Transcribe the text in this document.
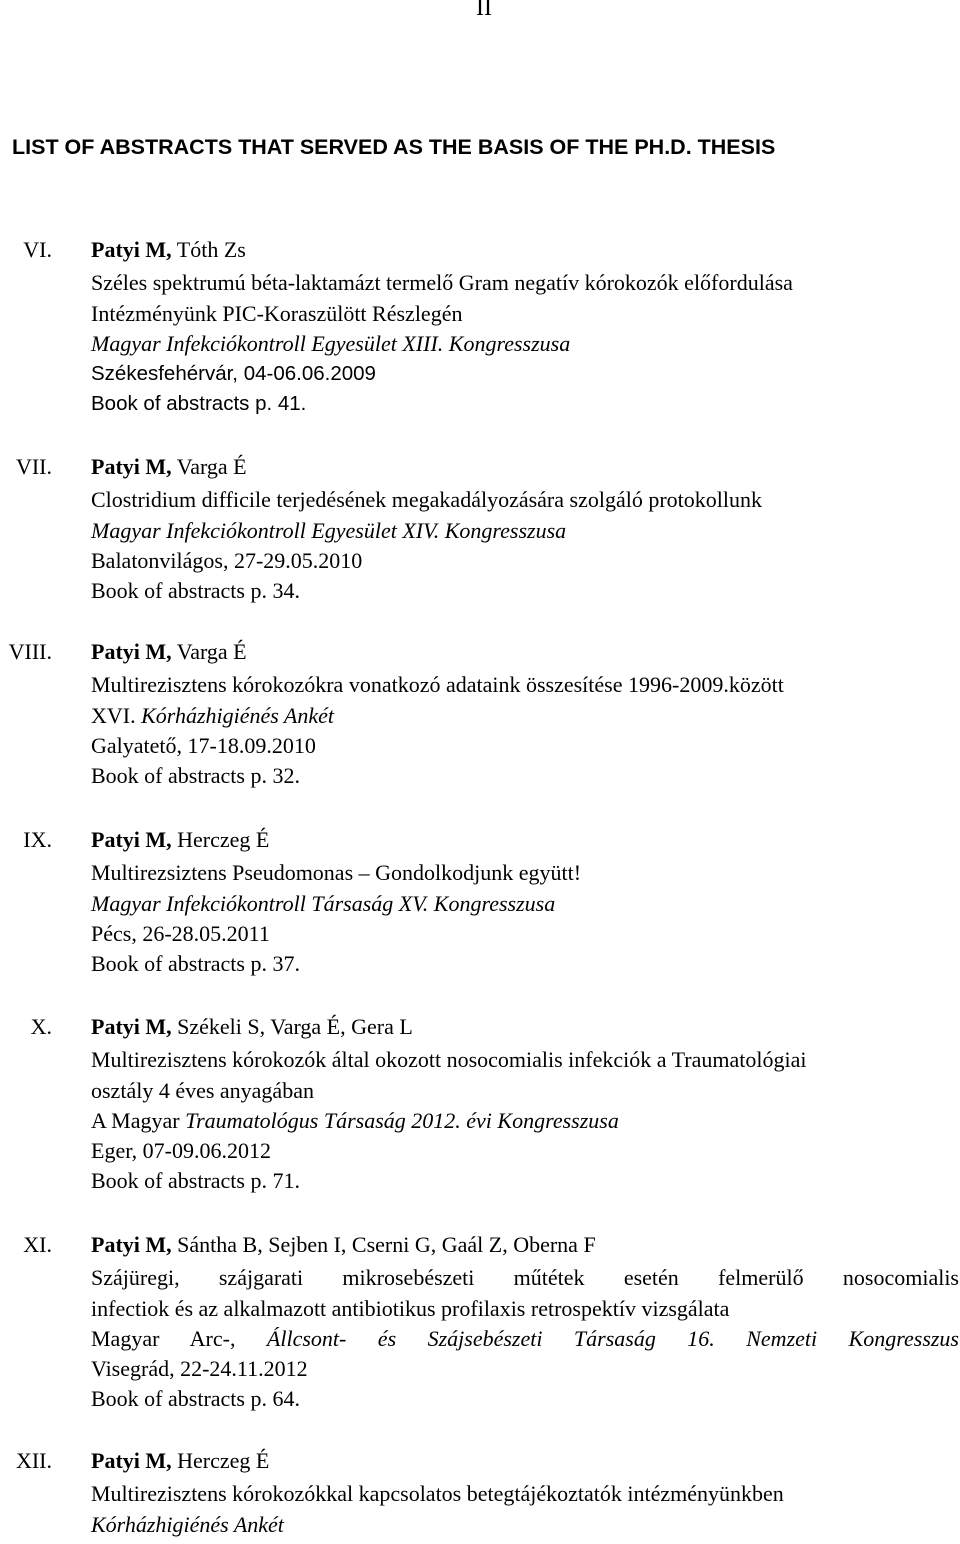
II
LIST OF ABSTRACTS THAT SERVED AS THE BASIS OF THE PH.D. THESIS
VI. Patyi M, Tóth Zs
Széles spektrumú béta-laktamázt termelő Gram negatív kórokozók előfordulása
Intézményünk PIC-Koraszülött Részlegén
Magyar Infekciókontroll Egyesület XIII. Kongresszusa
Székesfehérvár, 04-06.06.2009
Book of abstracts p. 41.
VII. Patyi M, Varga É
Clostridium difficile terjedésének megakadályozására szolgáló protokollunk
Magyar Infekciókontroll Egyesület XIV. Kongresszusa
Balatonvilágos, 27-29.05.2010
Book of abstracts p. 34.
VIII. Patyi M, Varga É
Multirezisztens kórokozókra vonatkozó adataink összesítése 1996-2009.között
XVI. Kórházhigiénés Ankét
Galyatető, 17-18.09.2010
Book of abstracts p. 32.
IX. Patyi M, Herczeg É
Multirezsiztens Pseudomonas – Gondolkodjunk együtt!
Magyar Infekciókontroll Társaság XV. Kongresszusa
Pécs, 26-28.05.2011
Book of abstracts p. 37.
X. Patyi M, Székeli S, Varga É, Gera L
Multirezisztens kórokozók által okozott nosocomialis infekciók a Traumatológiai
osztály 4 éves anyagában
A Magyar Traumatológus Társaság 2012. évi Kongresszusa
Eger, 07-09.06.2012
Book of abstracts p. 71.
XI. Patyi M, Sántha B, Sejben I, Cserni G, Gaál Z, Oberna F
Szájüregi, szájgarati mikrosebészeti műtétek esetén felmerülő nosocomialis
infectiok és az alkalmazott antibiotikus profilaxis retrospektív vizsgálata
Magyar Arc-, Állcsont- és Szájsebészeti Társaság 16. Nemzeti Kongresszus
Visegrád, 22-24.11.2012
Book of abstracts p. 64.
XII. Patyi M, Herczeg É
Multirezisztens kórokozókkal kapcsolatos betegtájékoztatók intézményünkben
Kórházhigiénés Ankét
